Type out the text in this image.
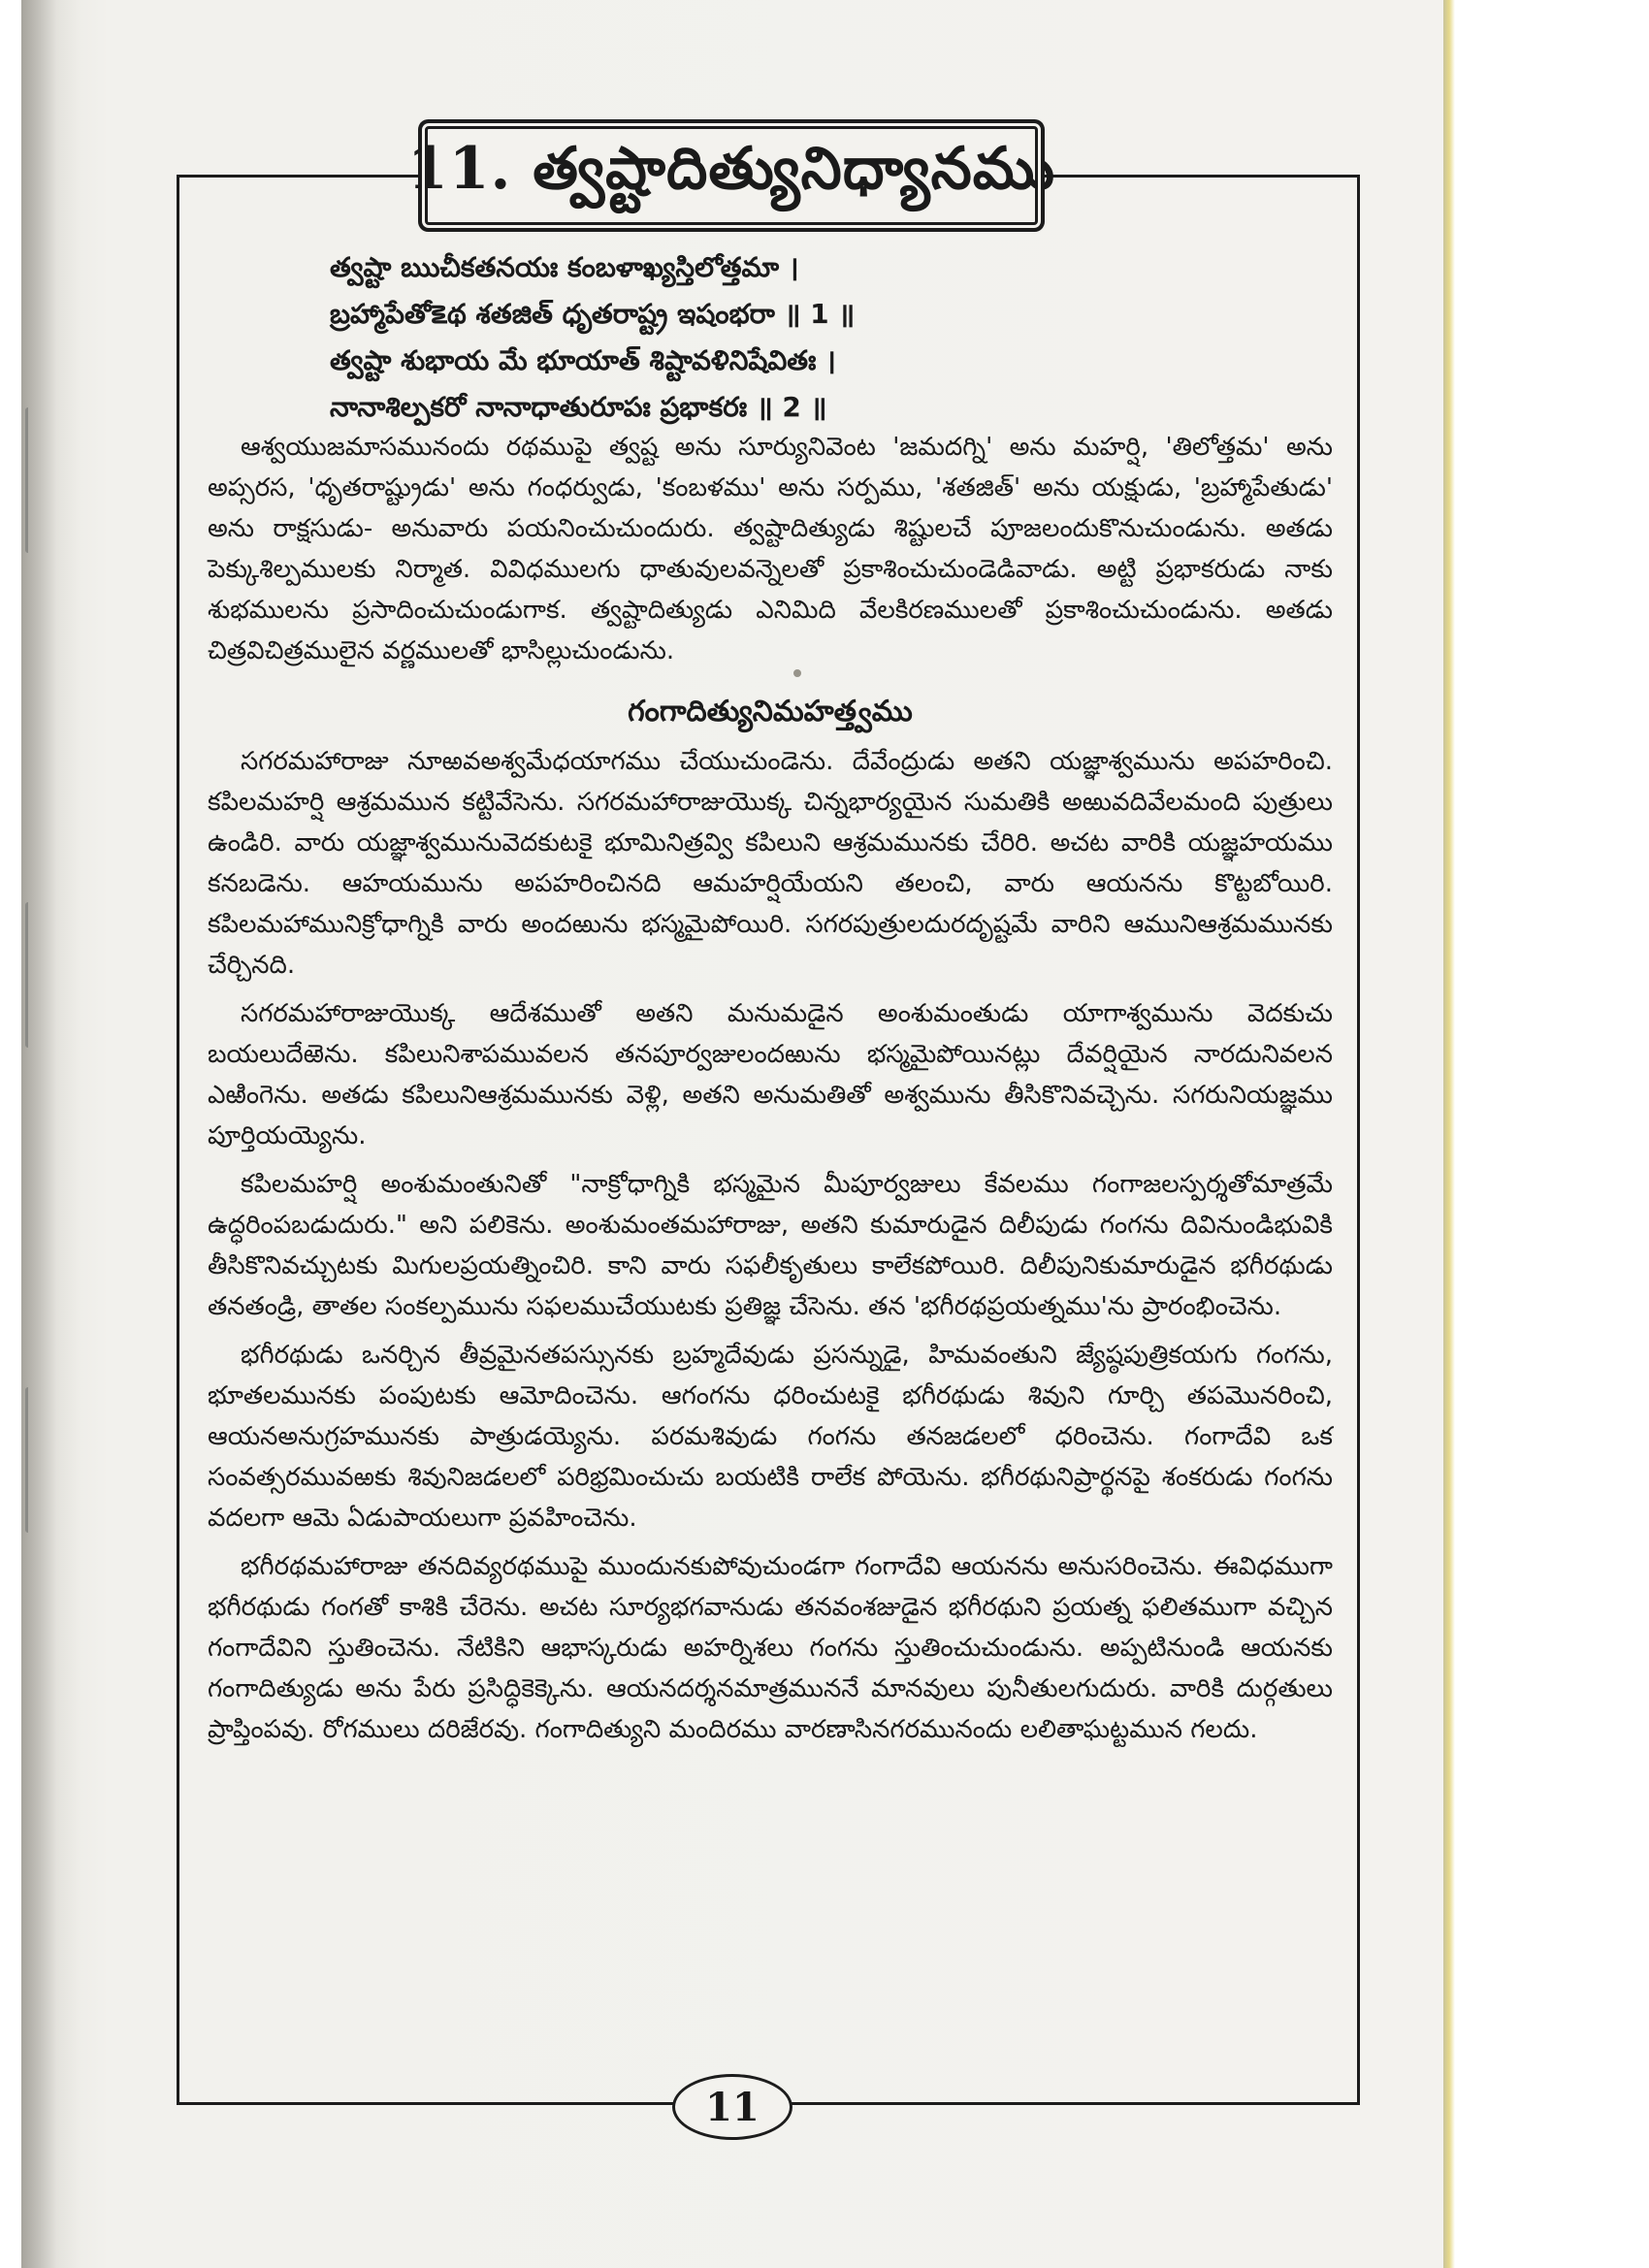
11. త్వష్టాదిత్యునిధ్యానము
త్వష్టా ఋచీకతనయః కంబళాఖ్యస్తిలోత్తమా ।
బ్రహ్మాపేతో౾థ శతజిత్ ధృతరాష్ట్ర ఇషంభరా ॥ 1 ॥
త్వష్టా శుభాయ మే భూయాత్ శిష్టావళినిషేవితః ।
నానాశిల్పకరో నానాధాతురూపః ప్రభాకరః ॥ 2 ॥

ఆశ్వయుజమాసమునందు రథముపై త్వష్ట అను సూర్యునివెంట 'జమదగ్ని' అను మహర్షి, 'తిలోత్తమ' అను అప్సరస, 'ధృతరాష్ట్రుడు' అను గంధర్వుడు, 'కంబళము' అను సర్పము, 'శతజిత్' అను యక్షుడు, 'బ్రహ్మాపేతుడు' అను రాక్షసుడు- అనువారు పయనించుచుందురు. త్వష్టాదిత్యుడు శిష్టులచే పూజలందుకొనుచుండును. అతడు పెక్కుశిల్పములకు నిర్మాత. వివిధములగు ధాతువులవన్నెలతో ప్రకాశించుచుండెడివాడు. అట్టి ప్రభాకరుడు నాకు శుభములను ప్రసాదించుచుండుగాక. త్వష్టాదిత్యుడు ఎనిమిది వేలకిరణములతో ప్రకాశించుచుండును. అతడు చిత్రవిచిత్రములైన వర్ణములతో భాసిల్లుచుండును.

గంగాదిత్యునిమహత్త్వము

సగరమహారాజు నూఱవఅశ్వమేధయాగము చేయుచుండెను. దేవేంద్రుడు అతని యజ్ఞాశ్వమును అపహరించి. కపిలమహర్షి ఆశ్రమమున కట్టివేసెను. సగరమహారాజుయొక్క చిన్నభార్యయైన సుమతికి అఱువదివేలమంది పుత్రులు ఉండిరి. వారు యజ్ఞాశ్వమునువెదకుటకై భూమినిత్రవ్వి కపిలుని ఆశ్రమమునకు చేరిరి. అచట వారికి యజ్ఞహయము కనబడెను. ఆహయమును అపహరించినది ఆమహర్షియేయని తలంచి, వారు ఆయనను కొట్టబోయిరి. కపిలమహామునిక్రోధాగ్నికి వారు అందఱును భస్మమైపోయిరి. సగరపుత్రులదురదృష్టమే వారిని ఆమునిఆశ్రమమునకు చేర్చినది.

సగరమహారాజుయొక్క ఆదేశముతో అతని మనుమడైన అంశుమంతుడు యాగాశ్వమును వెదకుచు బయలుదేఱెను. కపిలునిశాపమువలన తనపూర్వజులందఱును భస్మమైపోయినట్లు దేవర్షియైన నారదునివలన ఎఱింగెను. అతడు కపిలునిఆశ్రమమునకు వెళ్లి, అతని అనుమతితో అశ్వమును తీసికొనివచ్చెను. సగరునియజ్ఞము పూర్తియయ్యెను.

కపిలమహర్షి అంశుమంతునితో "నాక్రోధాగ్నికి భస్మమైన మీపూర్వజులు కేవలము గంగాజలస్పర్శతోమాత్రమే ఉద్ధరింపబడుదురు." అని పలికెను. అంశుమంతమహారాజు, అతని కుమారుడైన దిలీపుడు గంగను దివినుండిభువికి తీసికొనివచ్చుటకు మిగులప్రయత్నించిరి. కాని వారు సఫలీకృతులు కాలేకపోయిరి. దిలీపునికుమారుడైన భగీరథుడు తనతండ్రి, తాతల సంకల్పమును సఫలముచేయుటకు ప్రతిజ్ఞ చేసెను. తన 'భగీరథప్రయత్నము'ను ప్రారంభించెను.

భగీరథుడు ఒనర్చిన తీవ్రమైనతపస్సునకు బ్రహ్మదేవుడు ప్రసన్నుడై, హిమవంతుని జ్యేష్ఠపుత్రికయగు గంగను, భూతలమునకు పంపుటకు ఆమోదించెను. ఆగంగను ధరించుటకై భగీరథుడు శివుని గూర్చి తపమొనరించి, ఆయనఅనుగ్రహమునకు పాత్రుడయ్యెను. పరమశివుడు గంగను తనజడలలో ధరించెను. గంగాదేవి ఒక సంవత్సరమువఱకు శివునిజడలలో పరిభ్రమించుచు బయటికి రాలేక పోయెను. భగీరథునిప్రార్థనపై శంకరుడు గంగను వదలగా ఆమె ఏడుపాయలుగా ప్రవహించెను.

భగీరథమహారాజు తనదివ్యరథముపై ముందునకుపోవుచుండగా గంగాదేవి ఆయనను అనుసరించెను. ఈవిధముగా భగీరథుడు గంగతో కాశికి చేరెను. అచట సూర్యభగవానుడు తనవంశజుడైన భగీరథుని ప్రయత్న ఫలితముగా వచ్చిన గంగాదేవిని స్తుతించెను. నేటికిని ఆభాస్కరుడు అహర్నిశలు గంగను స్తుతించుచుండును. అప్పటినుండి ఆయనకు గంగాదిత్యుడు అను పేరు ప్రసిద్ధికెక్కెను. ఆయనదర్శనమాత్రముననే మానవులు పునీతులగుదురు. వారికి దుర్గతులు ప్రాప్తింపవు. రోగములు దరిజేరవు. గంగాదిత్యుని మందిరము వారణాసినగరమునందు లలితాఘట్టమున గలదు.

11
